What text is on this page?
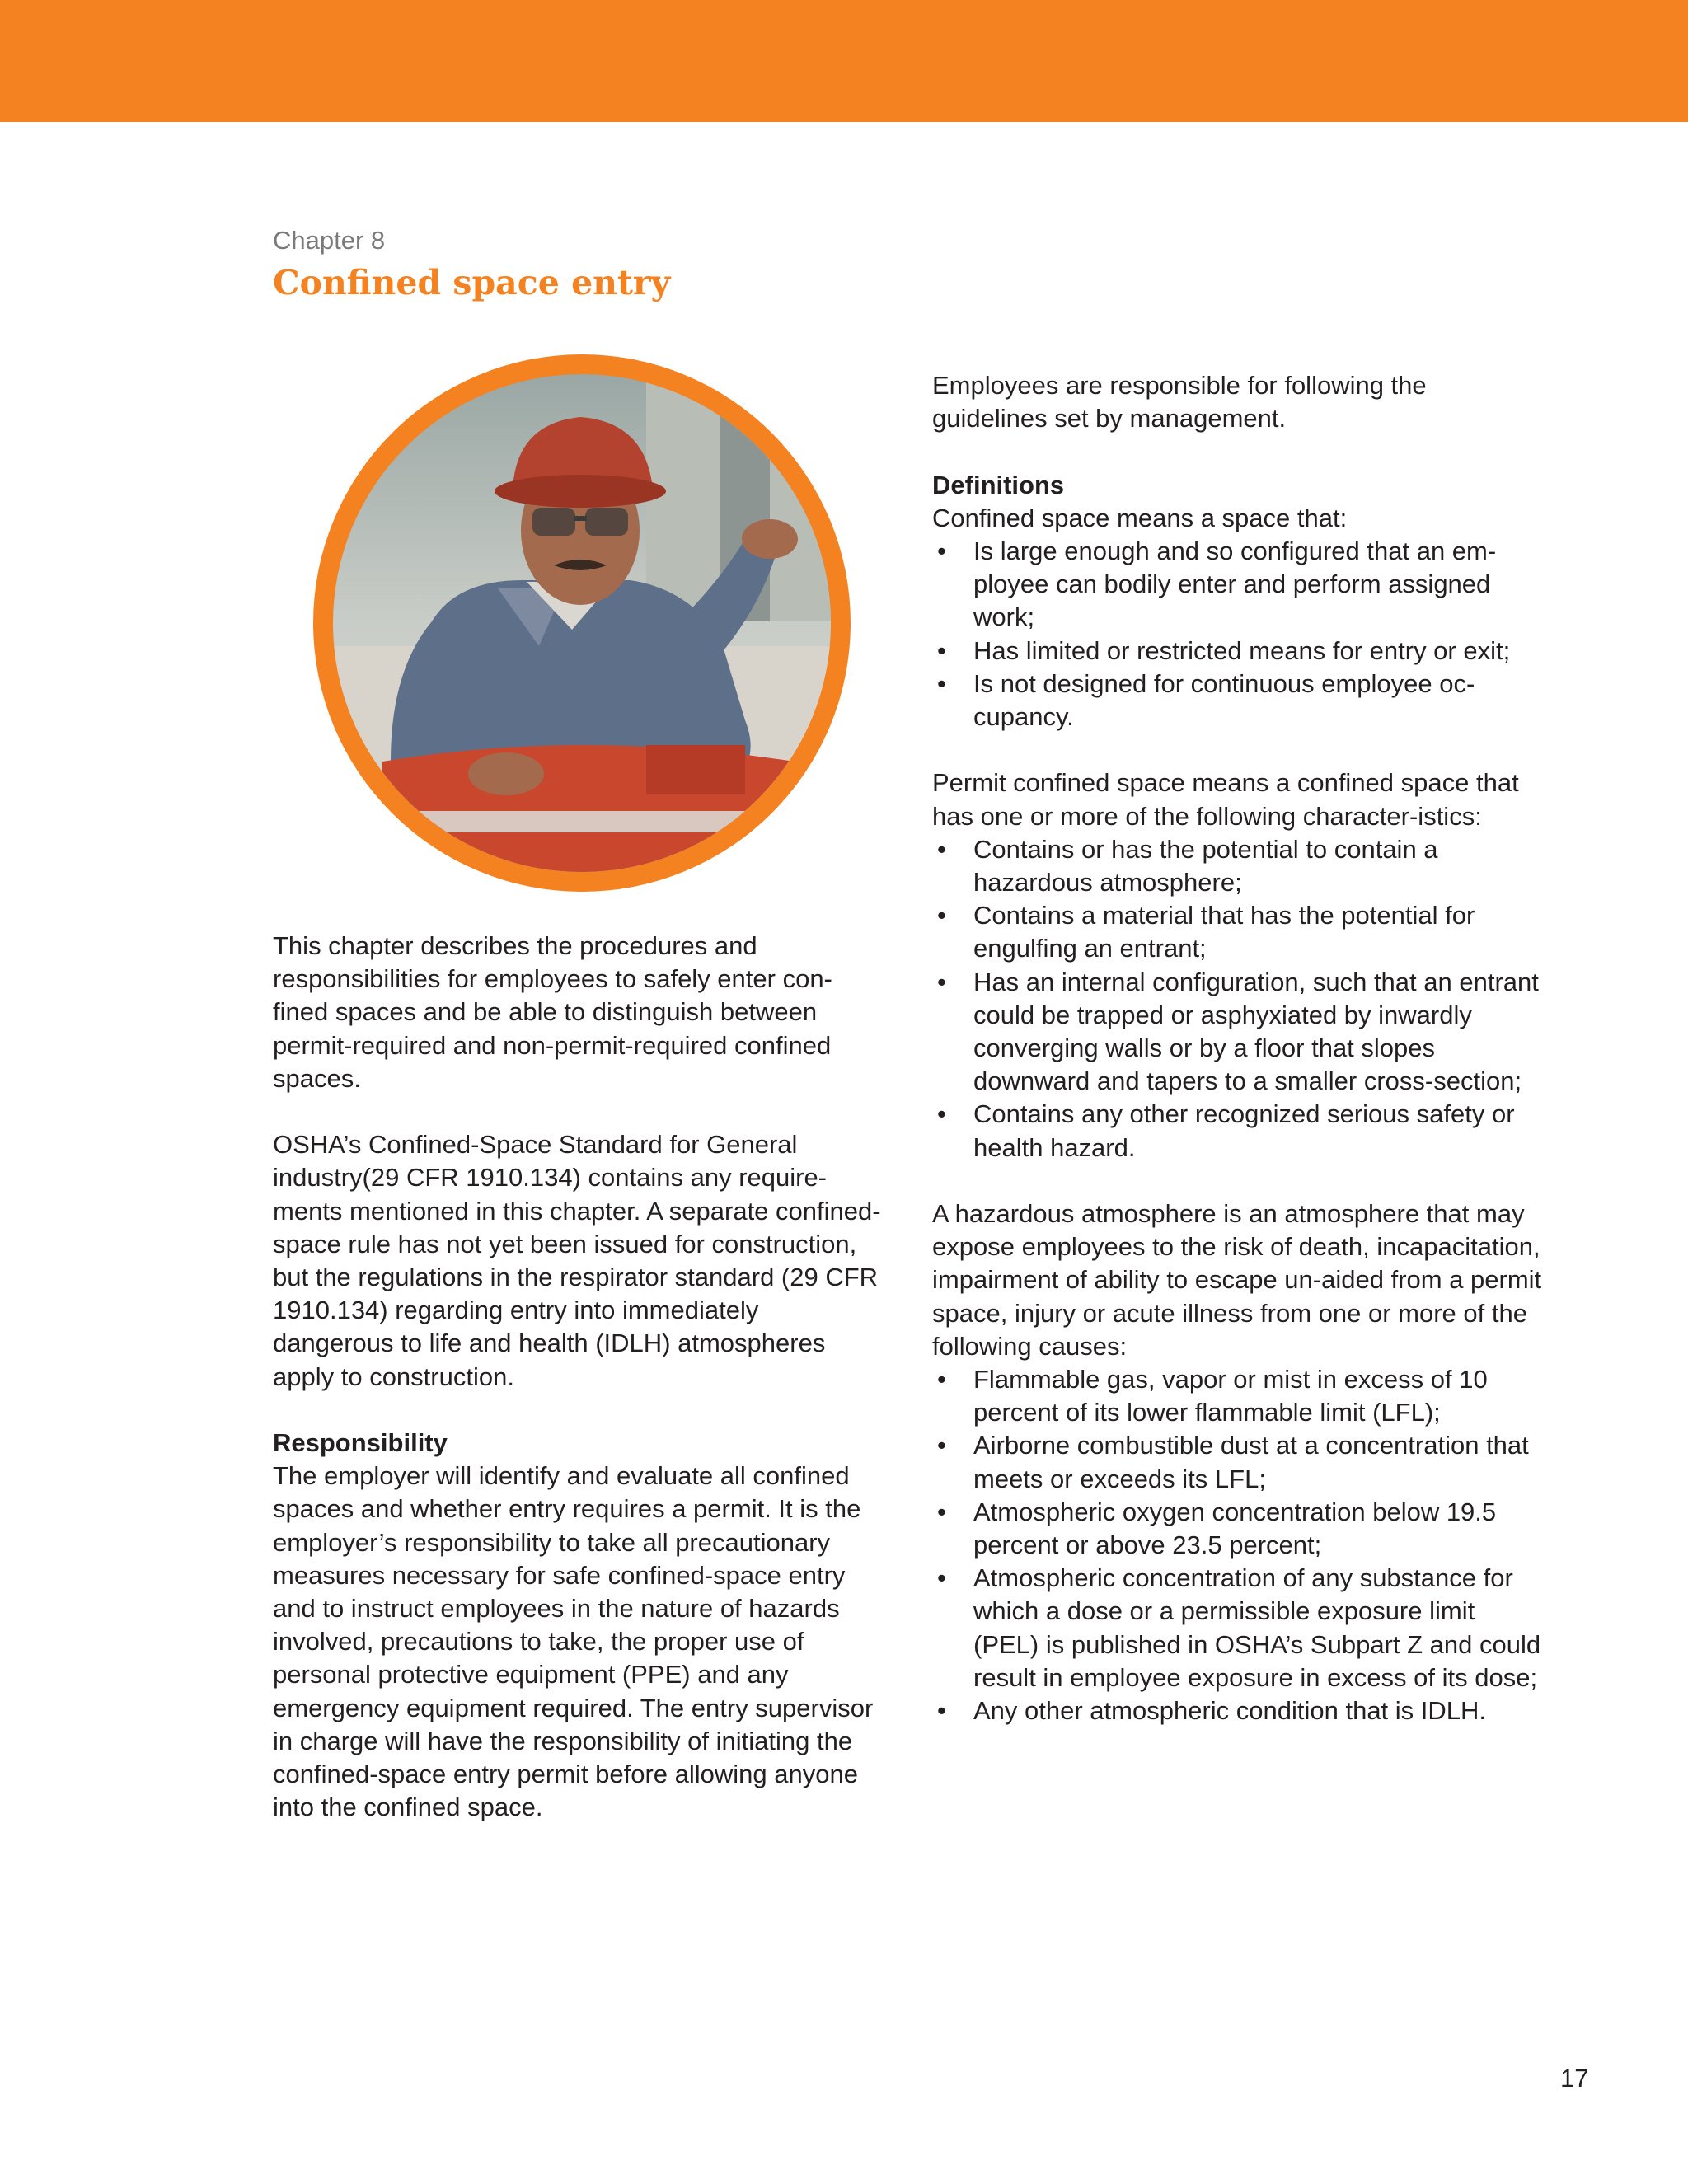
Chapter 8

Confined space entry

This chapter describes the procedures and responsibilities for employees to safely enter con-fined spaces and be able to distinguish between permit-required and non-permit-required confined spaces.

OSHA’s Confined-Space Standard for General industry(29 CFR 1910.134) contains any require-ments mentioned in this chapter. A separate confined-space rule has not yet been issued for construction, but the regulations in the respirator standard (29 CFR 1910.134) regarding entry into immediately dangerous to life and health (IDLH) atmospheres apply to construction.

Responsibility

The employer will identify and evaluate all confined spaces and whether entry requires a permit. It is the employer’s responsibility to take all precautionary measures necessary for safe confined-space entry and to instruct employees in the nature of hazards involved, precautions to take, the proper use of personal protective equipment (PPE) and any emergency equipment required. The entry supervisor in charge will have the responsibility of initiating the confined-space entry permit before allowing anyone into the confined space.

Employees are responsible for following the guidelines set by management.

Definitions

Confined space means a space that:

• Is large enough and so configured that an em-ployee can bodily enter and perform assigned work;
• Has limited or restricted means for entry or exit;
• Is not designed for continuous employee oc-cupancy.

Permit confined space means a confined space that has one or more of the following character-istics:

• Contains or has the potential to contain a hazardous atmosphere;
• Contains a material that has the potential for engulfing an entrant;
• Has an internal configuration, such that an entrant could be trapped or asphyxiated by inwardly converging walls or by a floor that slopes downward and tapers to a smaller cross-section;
• Contains any other recognized serious safety or health hazard.

A hazardous atmosphere is an atmosphere that may expose employees to the risk of death, incapacitation, impairment of ability to escape un-aided from a permit space, injury or acute illness from one or more of the following causes:

• Flammable gas, vapor or mist in excess of 10 percent of its lower flammable limit (LFL);
• Airborne combustible dust at a concentration that meets or exceeds its LFL;
• Atmospheric oxygen concentration below 19.5 percent or above 23.5 percent;
• Atmospheric concentration of any substance for which a dose or a permissible exposure limit (PEL) is published in OSHA’s Subpart Z and could result in employee exposure in excess of its dose;
• Any other atmospheric condition that is IDLH.
17
